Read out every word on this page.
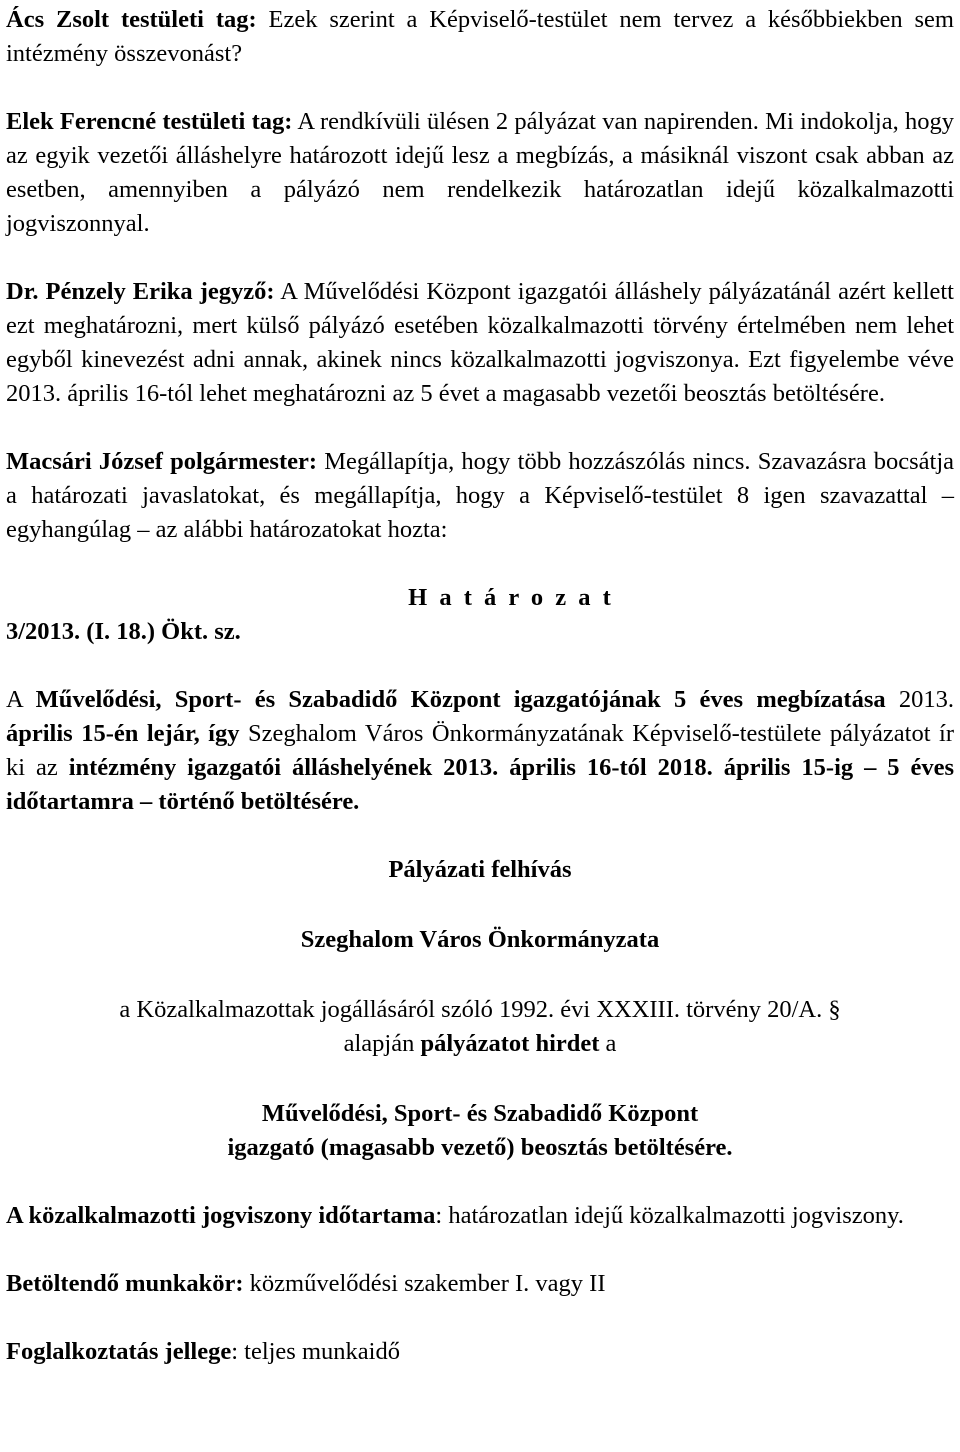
Ács Zsolt testületi tag: Ezek szerint a Képviselő-testület nem tervez a későbbiekben sem intézmény összevonást?

Elek Ferencné testületi tag: A rendkívüli ülésen 2 pályázat van napirenden. Mi indokolja, hogy az egyik vezetői álláshelyre határozott idejű lesz a megbízás, a másiknál viszont csak abban az esetben, amennyiben a pályázó nem rendelkezik határozatlan idejű közalkalmazotti jogviszonnyal.

Dr. Pénzely Erika jegyző: A Művelődési Központ igazgatói álláshely pályázatánál azért kellett ezt meghatározni, mert külső pályázó esetében közalkalmazotti törvény értelmében nem lehet egyből kinevezést adni annak, akinek nincs közalkalmazotti jogviszonya. Ezt figyelembe véve 2013. április 16-tól lehet meghatározni az 5 évet a magasabb vezetői beosztás betöltésére.

Macsári József polgármester: Megállapítja, hogy több hozzászólás nincs. Szavazásra bocsátja a határozati javaslatokat, és megállapítja, hogy a Képviselő-testület 8 igen szavazattal – egyhangúlag – az alábbi határozatokat hozta:

H a t á r o z a t

3/2013. (I. 18.) Ökt. sz.

A Művelődési, Sport- és Szabadidő Központ igazgatójának 5 éves megbízatása 2013. április 15-én lejár, így Szeghalom Város Önkormányzatának Képviselő-testülete pályázatot ír ki az intézmény igazgatói álláshelyének 2013. április 16-tól 2018. április 15-ig – 5 éves időtartamra – történő betöltésére.

Pályázati felhívás

Szeghalom Város Önkormányzata

a Közalkalmazottak jogállásáról szóló 1992. évi XXXIII. törvény 20/A. §

alapján pályázatot hirdet a

Művelődési, Sport- és Szabadidő Központ

igazgató (magasabb vezető) beosztás betöltésére.

A közalkalmazotti jogviszony időtartama: határozatlan idejű közalkalmazotti jogviszony.

Betöltendő munkakör: közművelődési szakember I. vagy II

Foglalkoztatás jellege: teljes munkaidő
